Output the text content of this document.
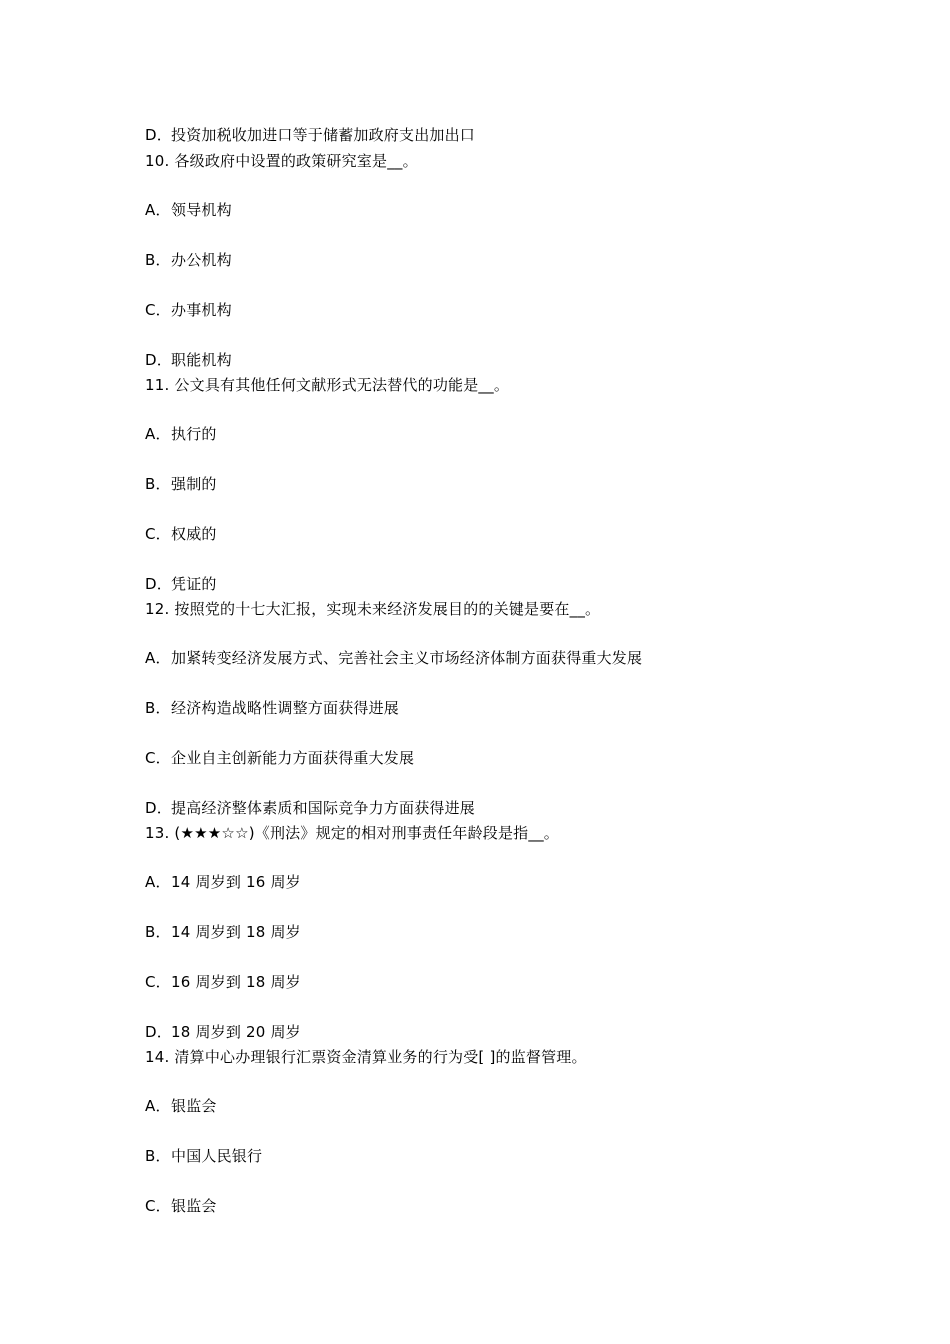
D．投资加税收加进口等于储蓄加政府支出加出口
10. 各级政府中设置的政策研究室是__。
A．领导机构
B．办公机构
C．办事机构
D．职能机构
11. 公文具有其他任何文献形式无法替代的功能是__。
A．执行的
B．强制的
C．权威的
D．凭证的
12. 按照党的十七大汇报，实现未来经济发展目的的关键是要在__。
A．加紧转变经济发展方式、完善社会主义市场经济体制方面获得重大发展
B．经济构造战略性调整方面获得进展
C．企业自主创新能力方面获得重大发展
D．提高经济整体素质和国际竞争力方面获得进展
13. (★★★☆☆)《刑法》规定的相对刑事责任年龄段是指__。
A．14 周岁到 16 周岁
B．14 周岁到 18 周岁
C．16 周岁到 18 周岁
D．18 周岁到 20 周岁
14. 清算中心办理银行汇票资金清算业务的行为受[ ]的监督管理。
A．银监会
B．中国人民银行
C．银监会
